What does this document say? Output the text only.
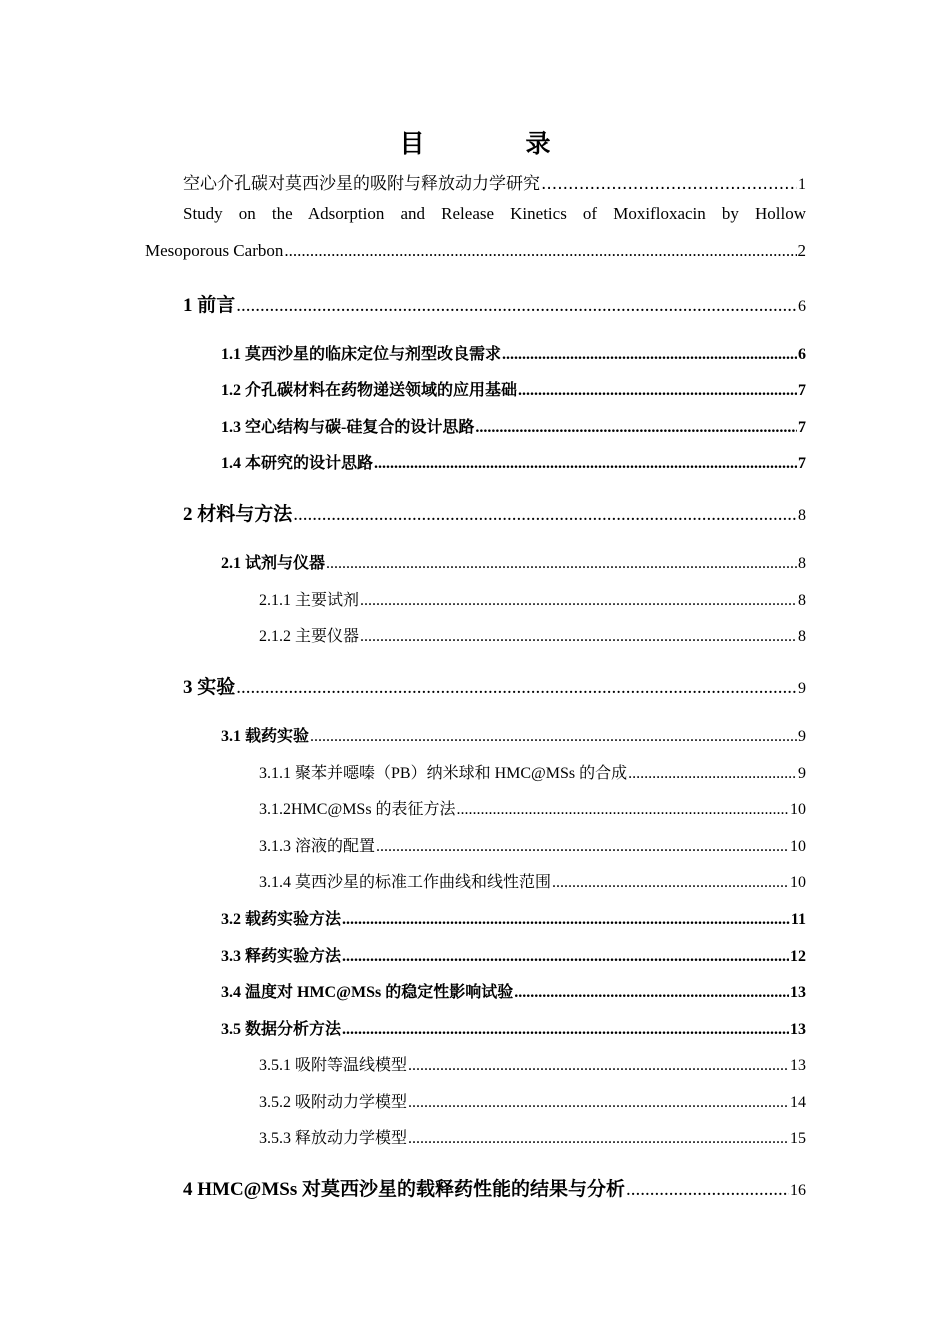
目　录
空心介孔碳对莫西沙星的吸附与释放动力学研究 .....	1
Study on the Adsorption and Release Kinetics of Moxifloxacin by Hollow
Mesoporous Carbon .....	2
1 前言 .....	6
1.1 莫西沙星的临床定位与剂型改良需求 .....	6
1.2 介孔碳材料在药物递送领域的应用基础 .....	7
1.3 空心结构与碳-硅复合的设计思路 .....	7
1.4 本研究的设计思路 .....	7
2 材料与方法 .....	8
2.1 试剂与仪器 .....	8
2.1.1 主要试剂 .....	8
2.1.2 主要仪器 .....	8
3 实验 .....	9
3.1 载药实验 .....	9
3.1.1 聚苯并噁嗪（PB）纳米球和 HMC@MSs 的合成 .....	9
3.1.2HMC@MSs 的表征方法 .....	10
3.1.3 溶液的配置 .....	10
3.1.4 莫西沙星的标准工作曲线和线性范围 .....	10
3.2 载药实验方法 .....	11
3.3 释药实验方法 .....	12
3.4 温度对 HMC@MSs 的稳定性影响试验 .....	13
3.5 数据分析方法 .....	13
3.5.1 吸附等温线模型 .....	13
3.5.2 吸附动力学模型 .....	14
3.5.3 释放动力学模型 .....	15
4 HMC@MSs 对莫西沙星的载释药性能的结果与分析 .....	16
